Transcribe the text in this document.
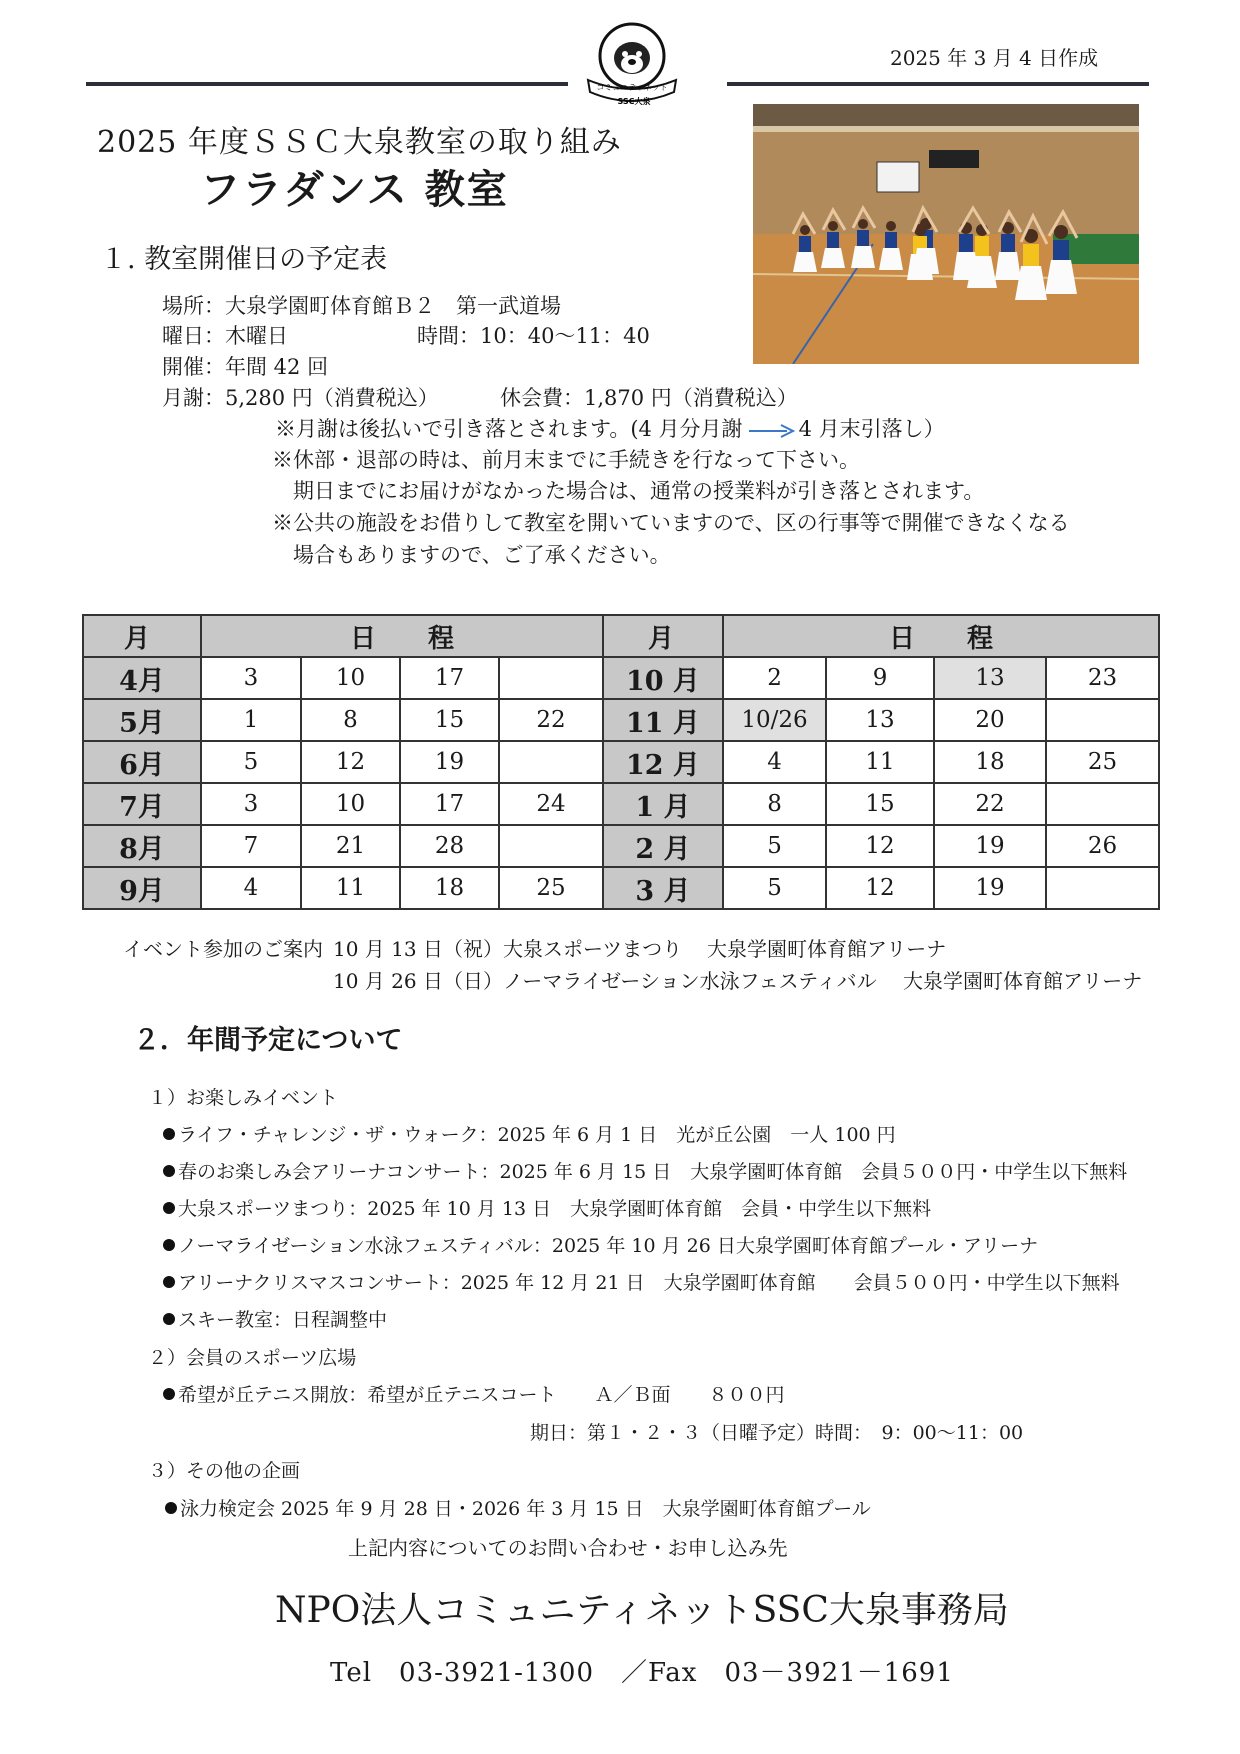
コミュニティネット
SSC大泉
2025 年 3 月 4 日作成
2025 年度ＳＳＣ大泉教室の取り組み
フラダンス 教室
１. 教室開催日の予定表
場所：大泉学園町体育館Ｂ２　第一武道場
曜日：木曜日	時間：10：40～11：40
開催：年間 42 回
月謝：5,280 円（消費税込）	休会費：1,870 円（消費税込）
※月謝は後払いで引き落とされます。(4 月分月謝	4 月末引落し）
※休部・退部の時は、前月末までに手続きを行なって下さい。
期日までにお届けがなかった場合は、通常の授業料が引き落とされます。
※公共の施設をお借りして教室を開いていますので、区の行事等で開催できなくなる
場合もありますので、ご了承ください。
月	日　　程				月	日　　程			
4月	3	10	17		10 月	2	9	13	23
5月	1	8	15	22	11 月	10/26	13	20	
6月	5	12	19		12 月	4	11	18	25
7月	3	10	17	24	1 月	8	15	22	
8月	7	21	28		2 月	5	12	19	26
9月	4	11	18	25	3 月	5	12	19	
イベント参加のご案内 10 月 13 日（祝）大泉スポーツまつり 大泉学園町体育館アリーナ
10 月 26 日（日）ノーマライゼーション水泳フェスティバル 大泉学園町体育館アリーナ
２．年間予定について
１）お楽しみイベント
ライフ・チャレンジ・ザ・ウォーク：2025 年 6 月 1 日　光が丘公園　一人 100 円
春のお楽しみ会アリーナコンサート：2025 年 6 月 15 日　大泉学園町体育館　会員５００円・中学生以下無料
大泉スポーツまつり：2025 年 10 月 13 日　大泉学園町体育館　会員・中学生以下無料
ノーマライゼーション水泳フェスティバル：2025 年 10 月 26 日大泉学園町体育館プール・アリーナ
アリーナクリスマスコンサート：2025 年 12 月 21 日　大泉学園町体育館　　会員５００円・中学生以下無料
スキー教室：日程調整中
２）会員のスポーツ広場
希望が丘テニス開放：希望が丘テニスコート　　Ａ／Ｂ面　　８００円
期日：第１・２・３（日曜予定）時間：　9：00～11：00
３）その他の企画
泳力検定会 2025 年 9 月 28 日・2026 年 3 月 15 日　大泉学園町体育館プール
上記内容についてのお問い合わせ・お申し込み先
NPO法人コミュニティネットSSC大泉事務局
Tel　03-3921-1300　／Fax　03－3921－1691
